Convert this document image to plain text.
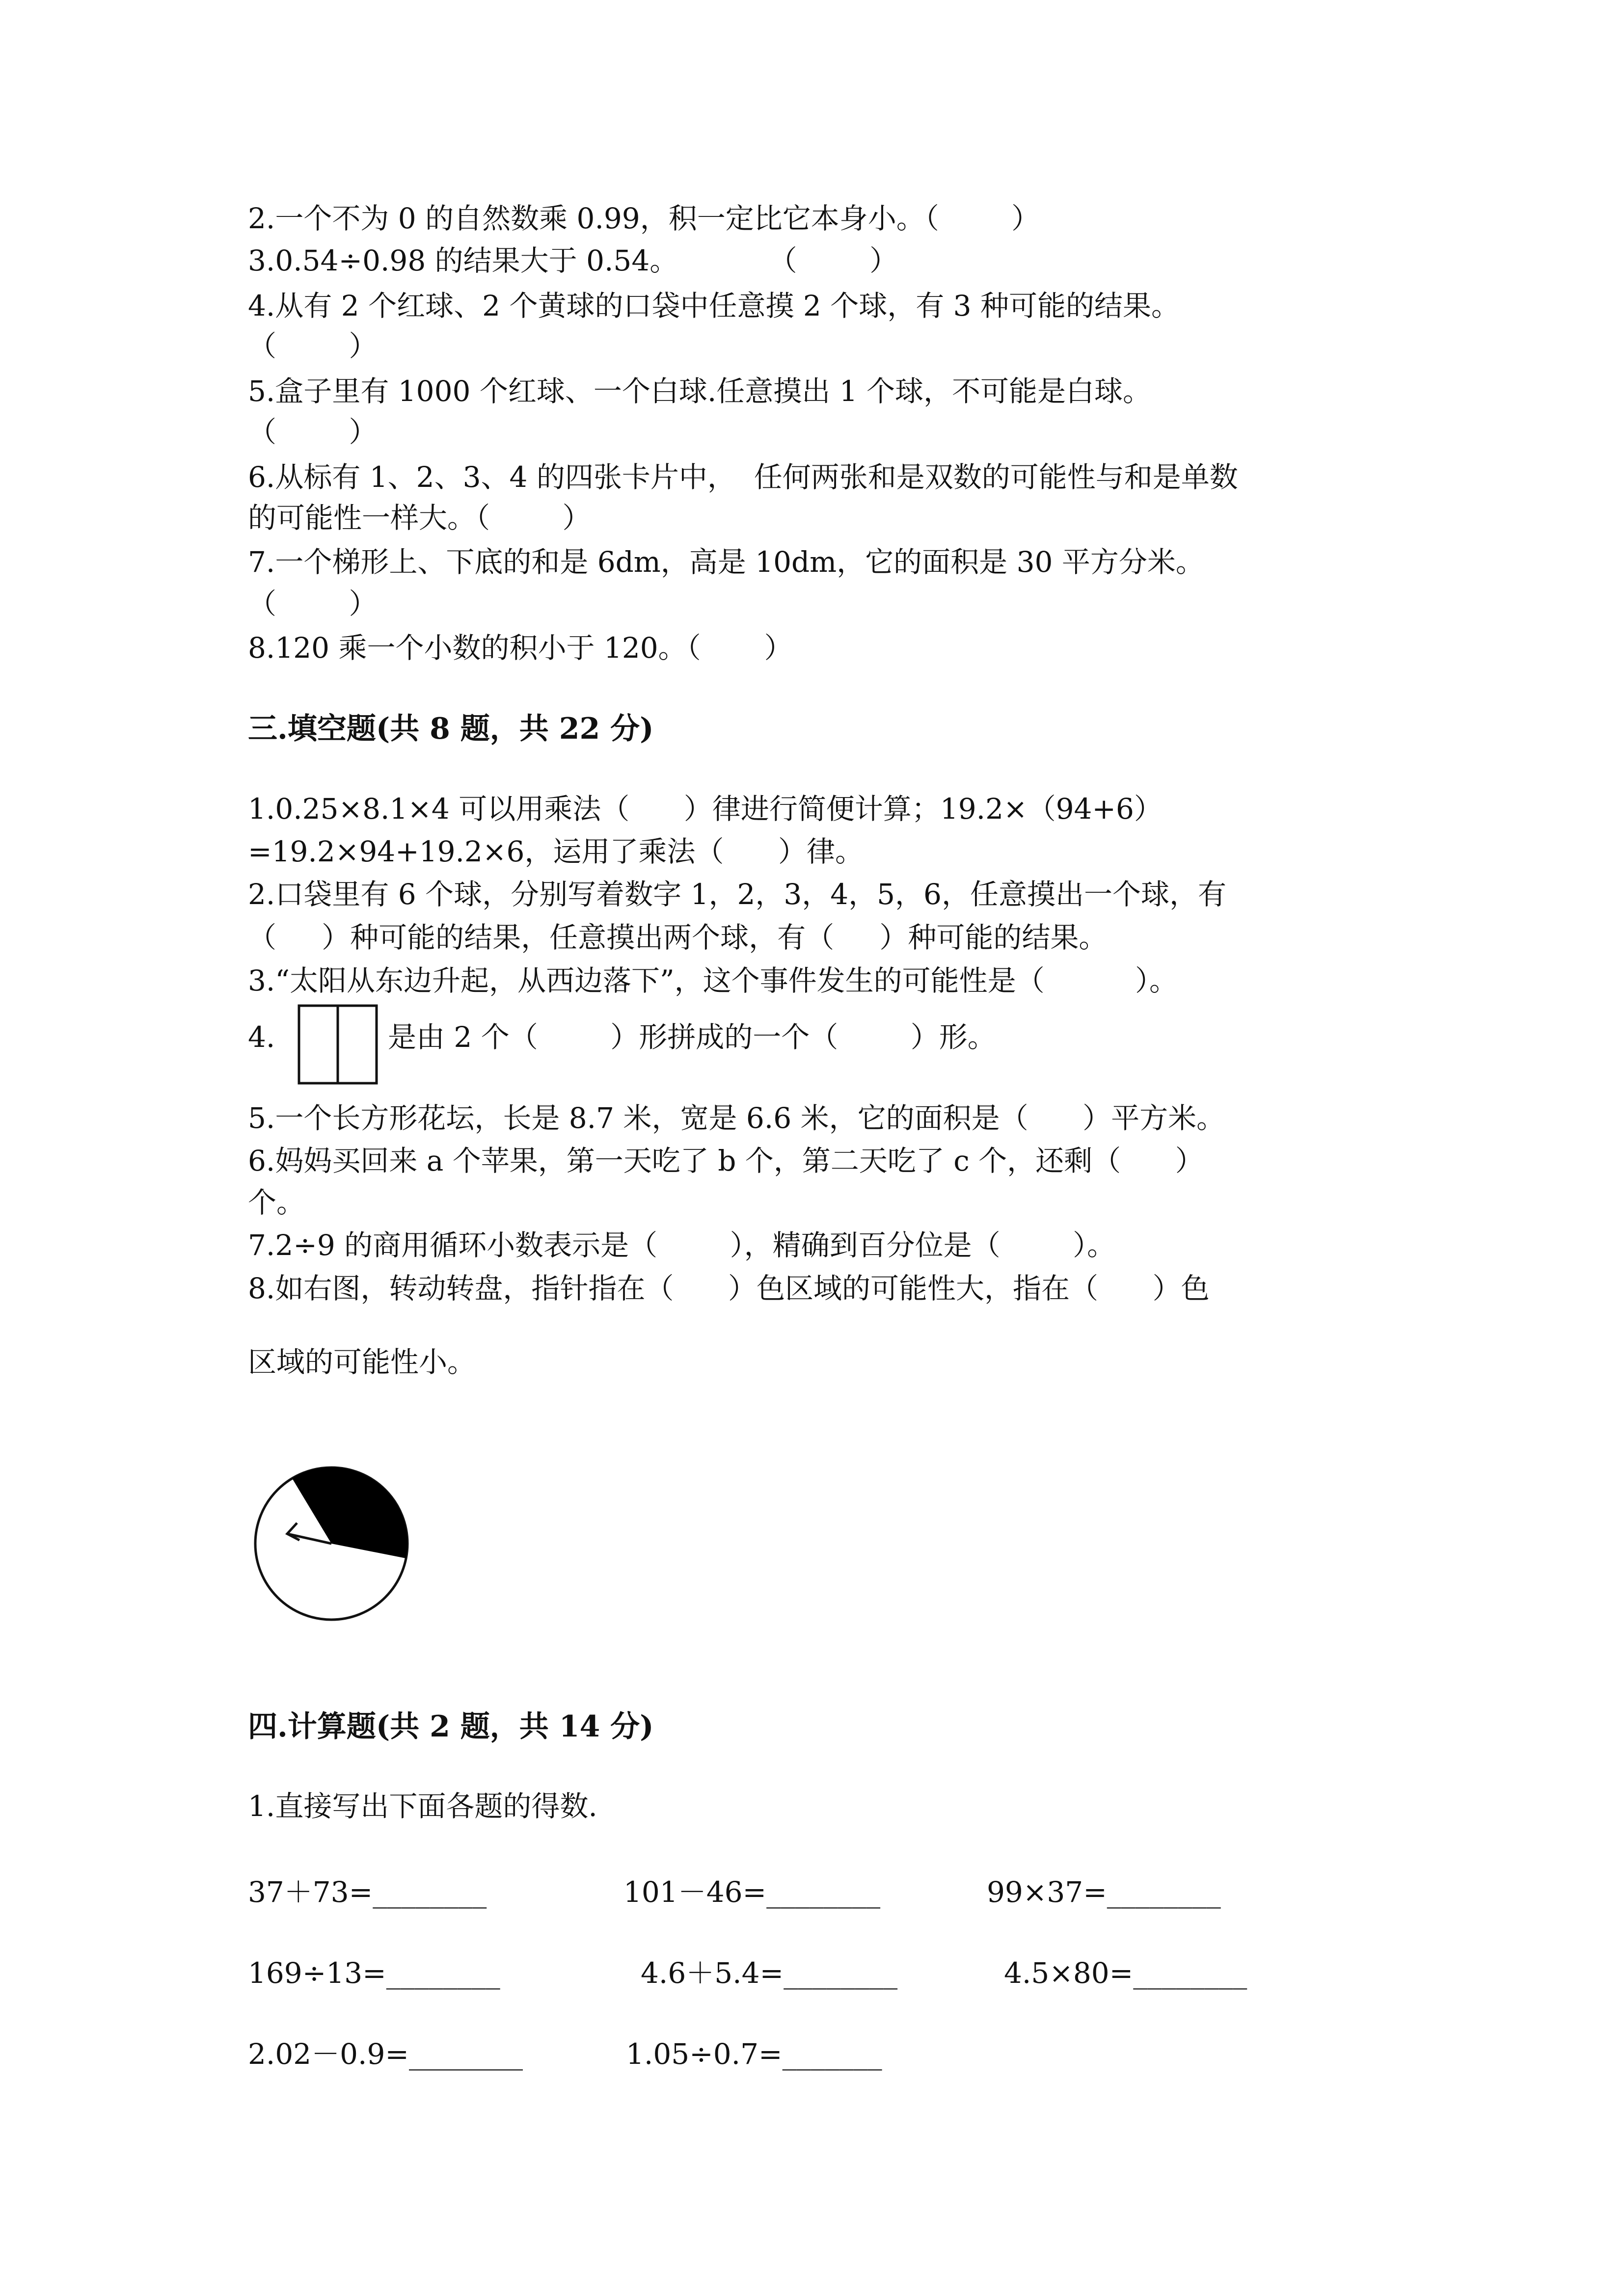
2.一个不为 0 的自然数乘 0.99，积一定比它本身小。（        ）

3.0.54÷0.98 的结果大于 0.54。          （        ）

4.从有 2 个红球、2 个黄球的口袋中任意摸 2 个球，有 3 种可能的结果。

（        ）

5.盒子里有 1000 个红球、一个白球.任意摸出 1 个球，不可能是白球。

（        ）

6.从标有 1、2、3、4 的四张卡片中，  任何两张和是双数的可能性与和是单数

的可能性一样大。（        ）

7.一个梯形上、下底的和是 6dm，高是 10dm，它的面积是 30 平方分米。

（        ）

8.120 乘一个小数的积小于 120。（       ）

三.填空题(共 8 题，共 22 分)

1.0.25×8.1×4 可以用乘法（      ）律进行简便计算；19.2×（94+6）

=19.2×94+19.2×6，运用了乘法（      ）律。

2.口袋里有 6 个球，分别写着数字 1，2，3，4，5，6，任意摸出一个球，有

（     ）种可能的结果，任意摸出两个球，有（     ）种可能的结果。

3.“太阳从东边升起，从西边落下”，这个事件发生的可能性是（          ）。

4.	是由 2 个（        ）形拼成的一个（        ）形。

5.一个长方形花坛，长是 8.7 米，宽是 6.6 米，它的面积是（      ）平方米。

6.妈妈买回来 a 个苹果，第一天吃了 b 个，第二天吃了 c 个，还剩（      ）

个。

7.2÷9 的商用循环小数表示是（        ），精确到百分位是（        ）。

8.如右图，转动转盘，指针指在（      ）色区域的可能性大，指在（      ）色

区域的可能性小。

四.计算题(共 2 题，共 14 分)

1.直接写出下面各题的得数.

37＋73=________	101－46=________	99×37=________

169÷13=________	4.6＋5.4=________	4.5×80=________

2.02－0.9=________	1.05÷0.7=_______
